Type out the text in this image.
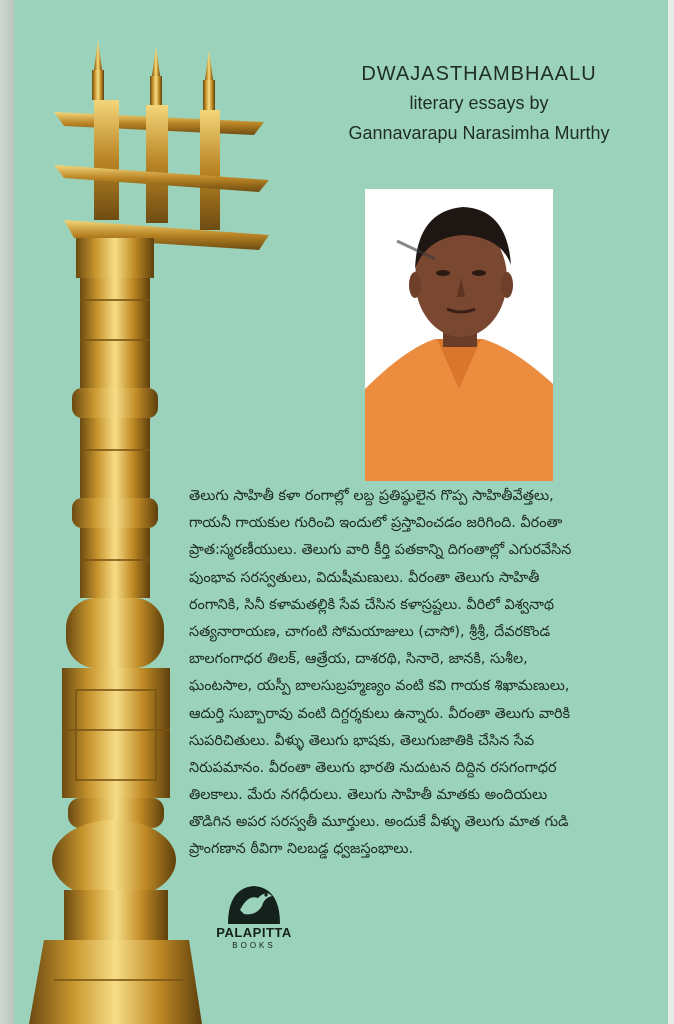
DWAJASTHAMBHAALU
literary essays by
Gannavarapu Narasimha Murthy
తెలుగు సాహితీ కళా రంగాల్లో లబ్ద ప్రతిష్ఠులైన గొప్ప సాహితీవేత్తలు,
గాయనీ గాయకుల గురించి ఇందులో ప్రస్తావించడం జరిగింది. వీరంతా
ప్రాత:స్మరణీయులు. తెలుగు వారి కీర్తి పతకాన్ని దిగంతాల్లో ఎగురవేసిన
పుంభావ సరస్వతులు, విదుషీమణులు. వీరంతా తెలుగు సాహితీ
రంగానికి, సినీ కళామతల్లికి సేవ చేసిన కళాస్రష్టలు. వీరిలో విశ్వనాథ
సత్యనారాయణ, చాగంటి సోమయాజులు (చాసో), శ్రీశ్రీ, దేవరకొండ
బాలగంగాధర తిలక్, ఆత్రేయ, దాశరథి, సినారె, జానకి, సుశీల,
ఘంటసాల, యస్పీ బాలసుబ్రహ్మణ్యం వంటి కవి గాయక శిఖామణులు,
ఆదుర్తి సుబ్బారావు వంటి దిగ్దర్శకులు ఉన్నారు. వీరంతా తెలుగు వారికి
సుపరిచితులు. వీళ్ళు తెలుగు భాషకు, తెలుగుజాతికి చేసిన సేవ
నిరుపమానం. వీరంతా తెలుగు భారతి నుదుటన దిద్దిన రసగంగాధర
తిలకాలు. మేరు నగధీరులు. తెలుగు సాహితీ మాతకు అందియలు
తొడిగిన అపర సరస్వతీ మూర్తులు. అందుకే వీళ్ళు తెలుగు మాత గుడి
ప్రాంగణాన ఠీవిగా నిలబడ్డ ధ్వజస్తంభాలు.
PALAPITTA
BOOKS
